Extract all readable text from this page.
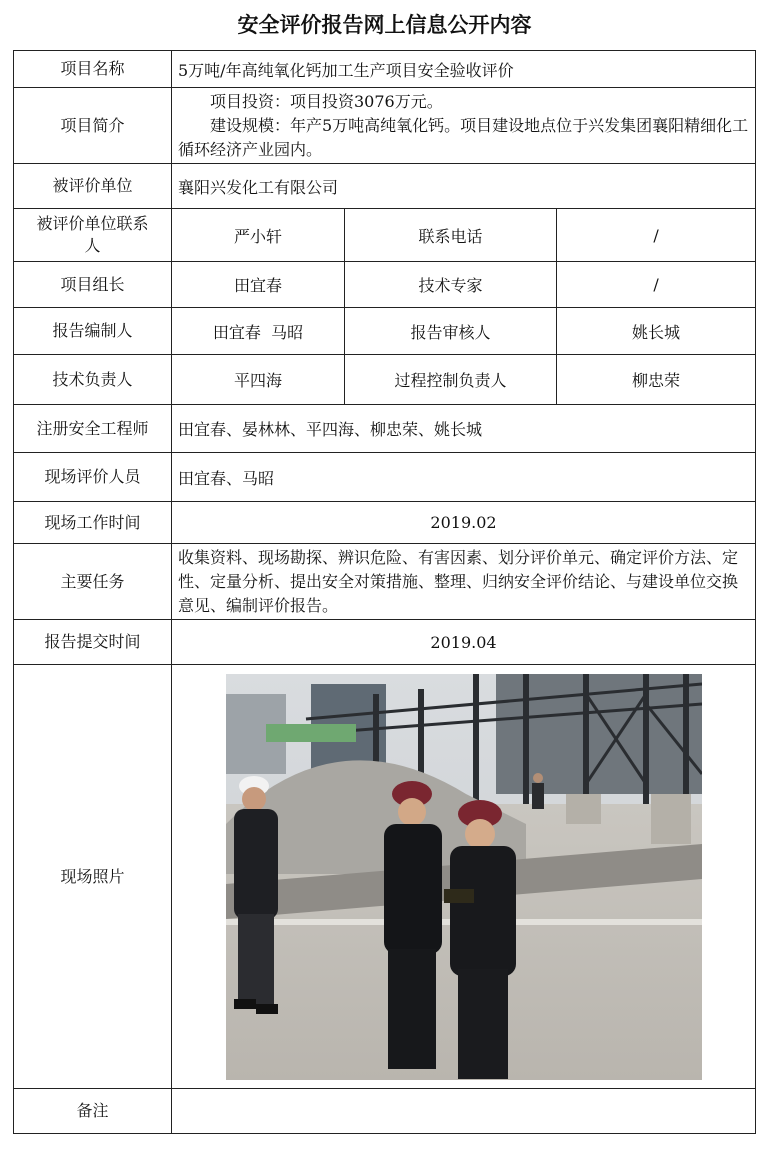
安全评价报告网上信息公开内容
项目名称	5万吨/年高纯氧化钙加工生产项目安全验收评价		
项目简介	项目投资：项目投资3076万元。

建设规模：年产5万吨高纯氧化钙。项目建设地点位于兴发集团襄阳精细化工循环经济产业园内。		

被评价单位	襄阳兴发化工有限公司		
被评价单位联系人	严小轩	联系电话	/
项目组长	田宜春	技术专家	/
报告编制人	田宜春  马昭	报告审核人	姚长城
技术负责人	平四海	过程控制负责人	柳忠荣
注册安全工程师	田宜春、晏林林、平四海、柳忠荣、姚长城		
现场评价人员	田宜春、马昭		
现场工作时间	2019.02		
主要任务	收集资料、现场勘探、辨识危险、有害因素、划分评价单元、确定评价方法、定性、定量分析、提出安全对策措施、整理、归纳安全评价结论、与建设单位交换意见、编制评价报告。		
报告提交时间	2019.04		
现场照片	

备注			
